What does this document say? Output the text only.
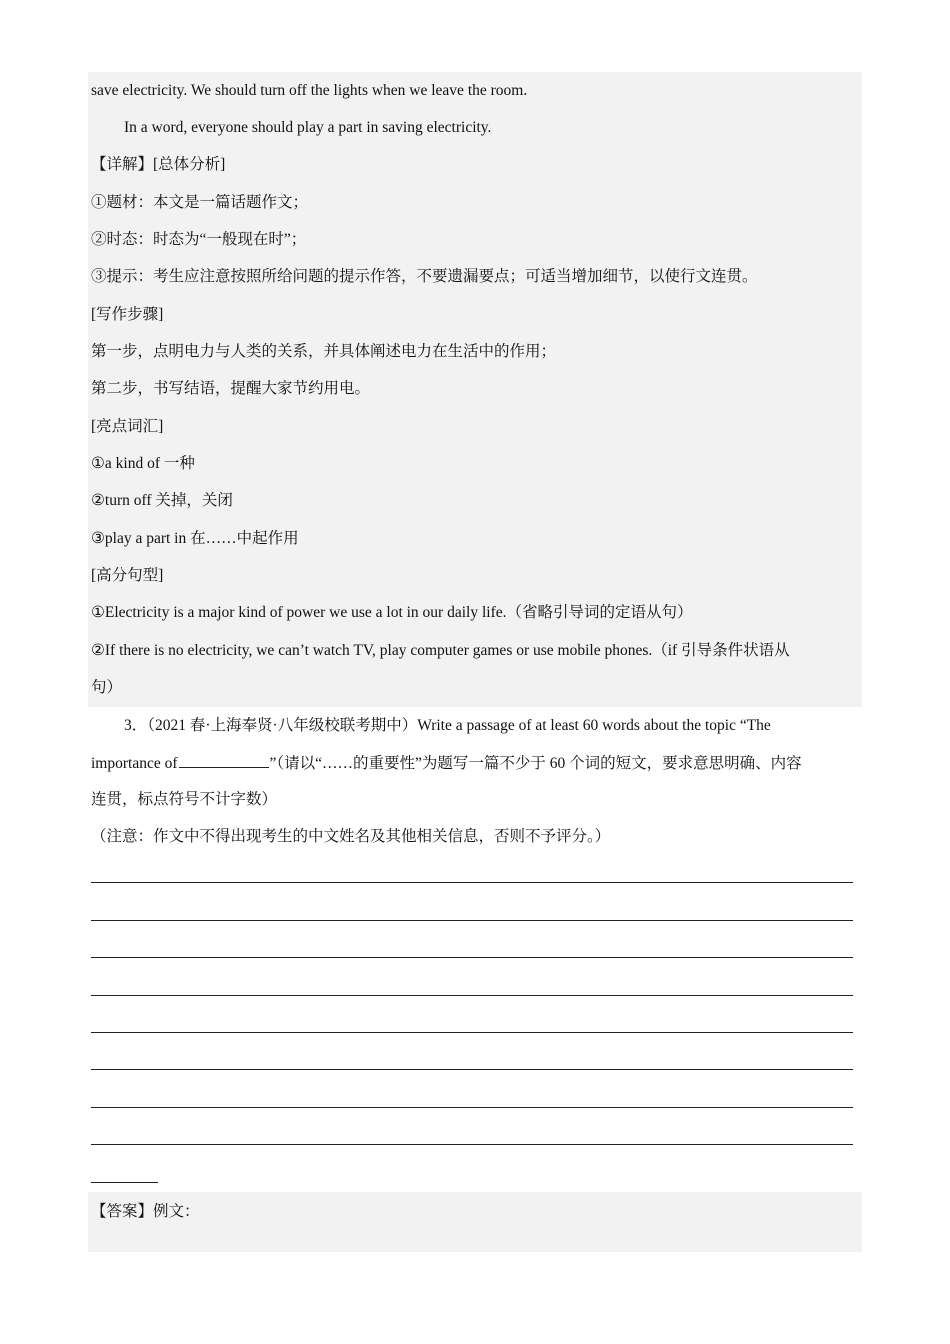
save electricity. We should turn off the lights when we leave the room.
In a word, everyone should play a part in saving electricity.
【详解】[总体分析]
①题材：本文是一篇话题作文；
②时态：时态为“一般现在时”；
③提示：考生应注意按照所给问题的提示作答，不要遗漏要点；可适当增加细节，以使行文连贯。
[写作步骤]
第一步，点明电力与人类的关系，并具体阐述电力在生活中的作用；
第二步，书写结语，提醒大家节约用电。
[亮点词汇]
①a kind of 一种
②turn off 关掉，关闭
③play a part in 在……中起作用
[高分句型]
①Electricity is a major kind of power we use a lot in our daily life.（省略引导词的定语从句）
②If there is no electricity, we can’t watch TV, play computer games or use mobile phones.（if 引导条件状语从
句）
3．（2021 春·上海奉贤·八年级校联考期中）Write a passage of at least 60 words about the topic “The
importance of	”（请以“……的重要性”为题写一篇不少于 60 个词的短文，要求意思明确、内容
连贯，标点符号不计字数）
（注意：作文中不得出现考生的中文姓名及其他相关信息，否则不予评分。）
【答案】例文：
